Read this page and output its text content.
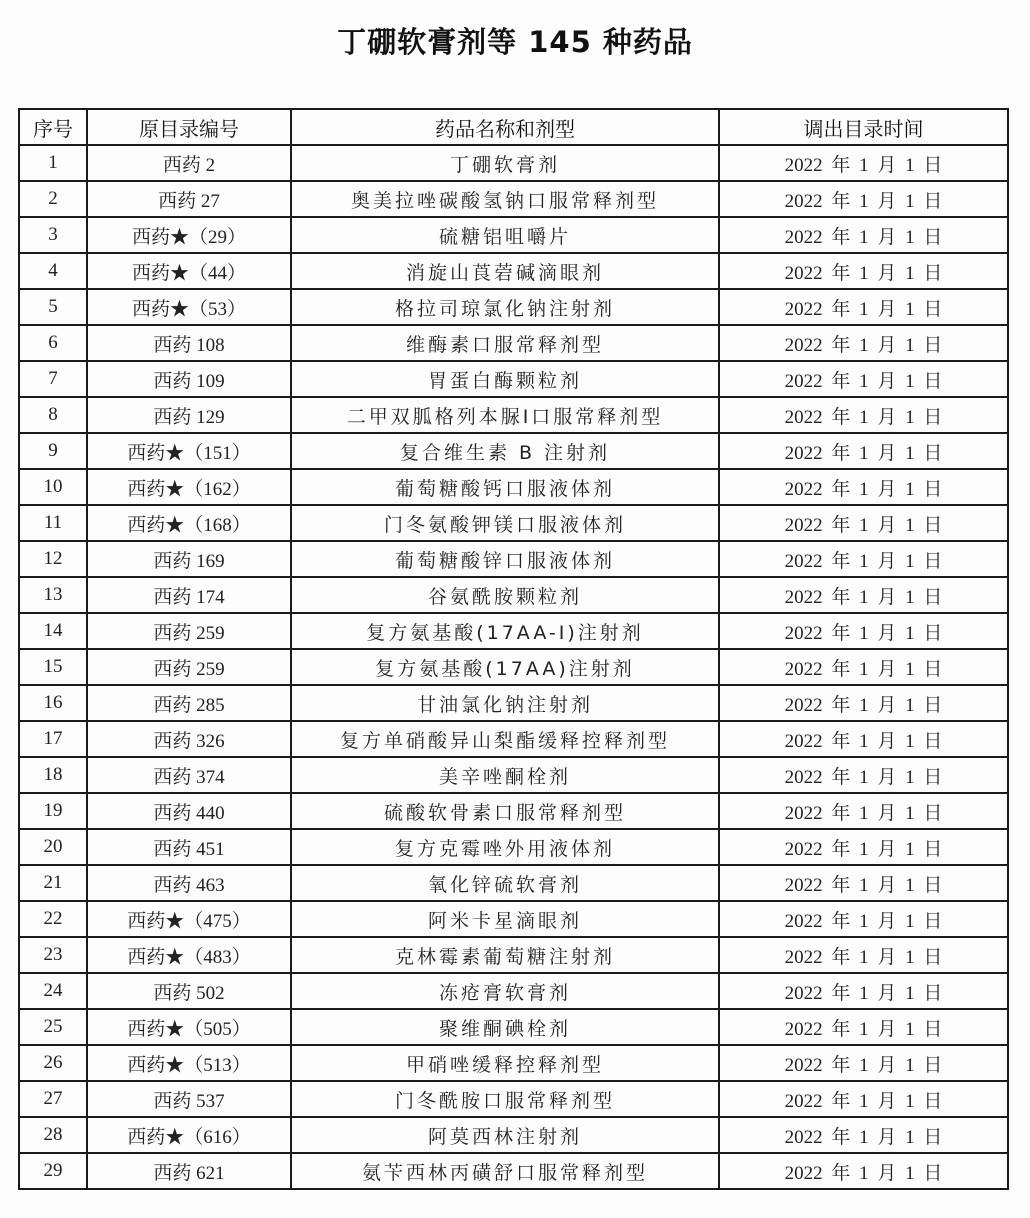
丁硼软膏剂等 145 种药品
序号	原目录编号	药品名称和剂型	调出目录时间
1	西药 2	丁硼软膏剂	2022 年 1 月 1 日
2	西药 27	奥美拉唑碳酸氢钠口服常释剂型	2022 年 1 月 1 日
3	西药★（29）	硫糖铝咀嚼片	2022 年 1 月 1 日
4	西药★（44）	消旋山莨菪碱滴眼剂	2022 年 1 月 1 日
5	西药★（53）	格拉司琼氯化钠注射剂	2022 年 1 月 1 日
6	西药 108	维酶素口服常释剂型	2022 年 1 月 1 日
7	西药 109	胃蛋白酶颗粒剂	2022 年 1 月 1 日
8	西药 129	二甲双胍格列本脲Ⅰ口服常释剂型	2022 年 1 月 1 日
9	西药★（151）	复合维生素 B 注射剂	2022 年 1 月 1 日
10	西药★（162）	葡萄糖酸钙口服液体剂	2022 年 1 月 1 日
11	西药★（168）	门冬氨酸钾镁口服液体剂	2022 年 1 月 1 日
12	西药 169	葡萄糖酸锌口服液体剂	2022 年 1 月 1 日
13	西药 174	谷氨酰胺颗粒剂	2022 年 1 月 1 日
14	西药 259	复方氨基酸(17AA-Ⅰ)注射剂	2022 年 1 月 1 日
15	西药 259	复方氨基酸(17AA)注射剂	2022 年 1 月 1 日
16	西药 285	甘油氯化钠注射剂	2022 年 1 月 1 日
17	西药 326	复方单硝酸异山梨酯缓释控释剂型	2022 年 1 月 1 日
18	西药 374	美辛唑酮栓剂	2022 年 1 月 1 日
19	西药 440	硫酸软骨素口服常释剂型	2022 年 1 月 1 日
20	西药 451	复方克霉唑外用液体剂	2022 年 1 月 1 日
21	西药 463	氧化锌硫软膏剂	2022 年 1 月 1 日
22	西药★（475）	阿米卡星滴眼剂	2022 年 1 月 1 日
23	西药★（483）	克林霉素葡萄糖注射剂	2022 年 1 月 1 日
24	西药 502	冻疮膏软膏剂	2022 年 1 月 1 日
25	西药★（505）	聚维酮碘栓剂	2022 年 1 月 1 日
26	西药★（513）	甲硝唑缓释控释剂型	2022 年 1 月 1 日
27	西药 537	门冬酰胺口服常释剂型	2022 年 1 月 1 日
28	西药★（616）	阿莫西林注射剂	2022 年 1 月 1 日
29	西药 621	氨苄西林丙磺舒口服常释剂型	2022 年 1 月 1 日
